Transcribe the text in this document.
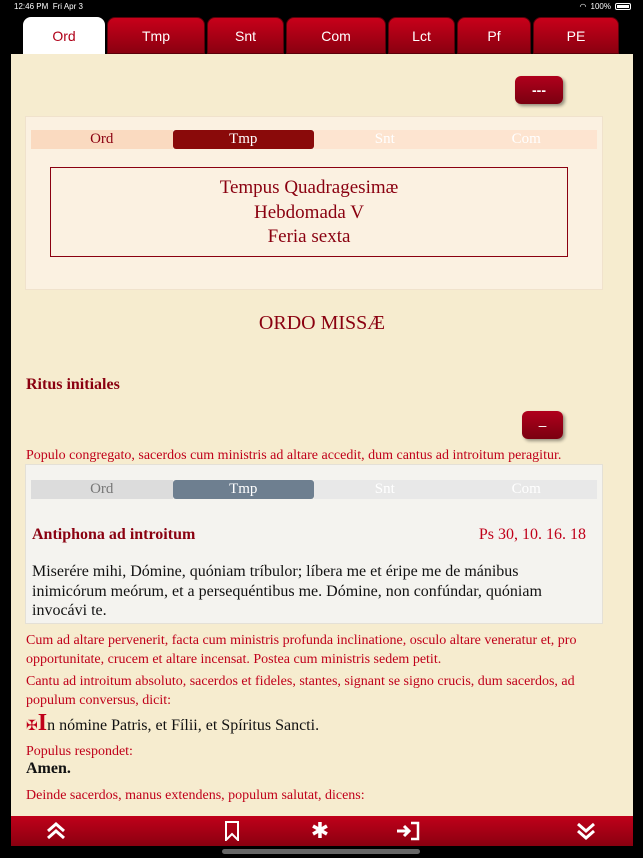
12:46 PM Fri Apr 3	◠ 100%
Ord	Tmp	Snt	Com	Lct	Pf	PE
---
Ord	Tmp	Snt	Com
Tempus Quadragesimæ
Hebdomada V
Feria sexta
ORDO MISSÆ
Ritus initiales
–
Populo congregato, sacerdos cum ministris ad altare accedit, dum cantus ad introitum peragitur.
Ord	Tmp	Snt	Com
Antiphona ad introitum	Ps 30, 10. 16. 18
Miserére mihi, Dómine, quóniam tríbulor; líbera me et éripe me de mánibus inimicórum meórum, et a persequéntibus me. Dómine, non confúndar, quóniam invocávi te.
Cum ad altare pervenerit, facta cum ministris profunda inclinatione, osculo altare veneratur et, pro opportunitate, crucem et altare incensat. Postea cum ministris sedem petit.
Cantu ad introitum absoluto, sacerdos et fideles, stantes, signant se signo crucis, dum sacerdos, ad populum conversus, dicit:
✠In nómine Patris, et Fílii, et Spíritus Sancti.
Populus respondet:
Amen.
Deinde sacerdos, manus extendens, populum salutat, dicens:
✱
